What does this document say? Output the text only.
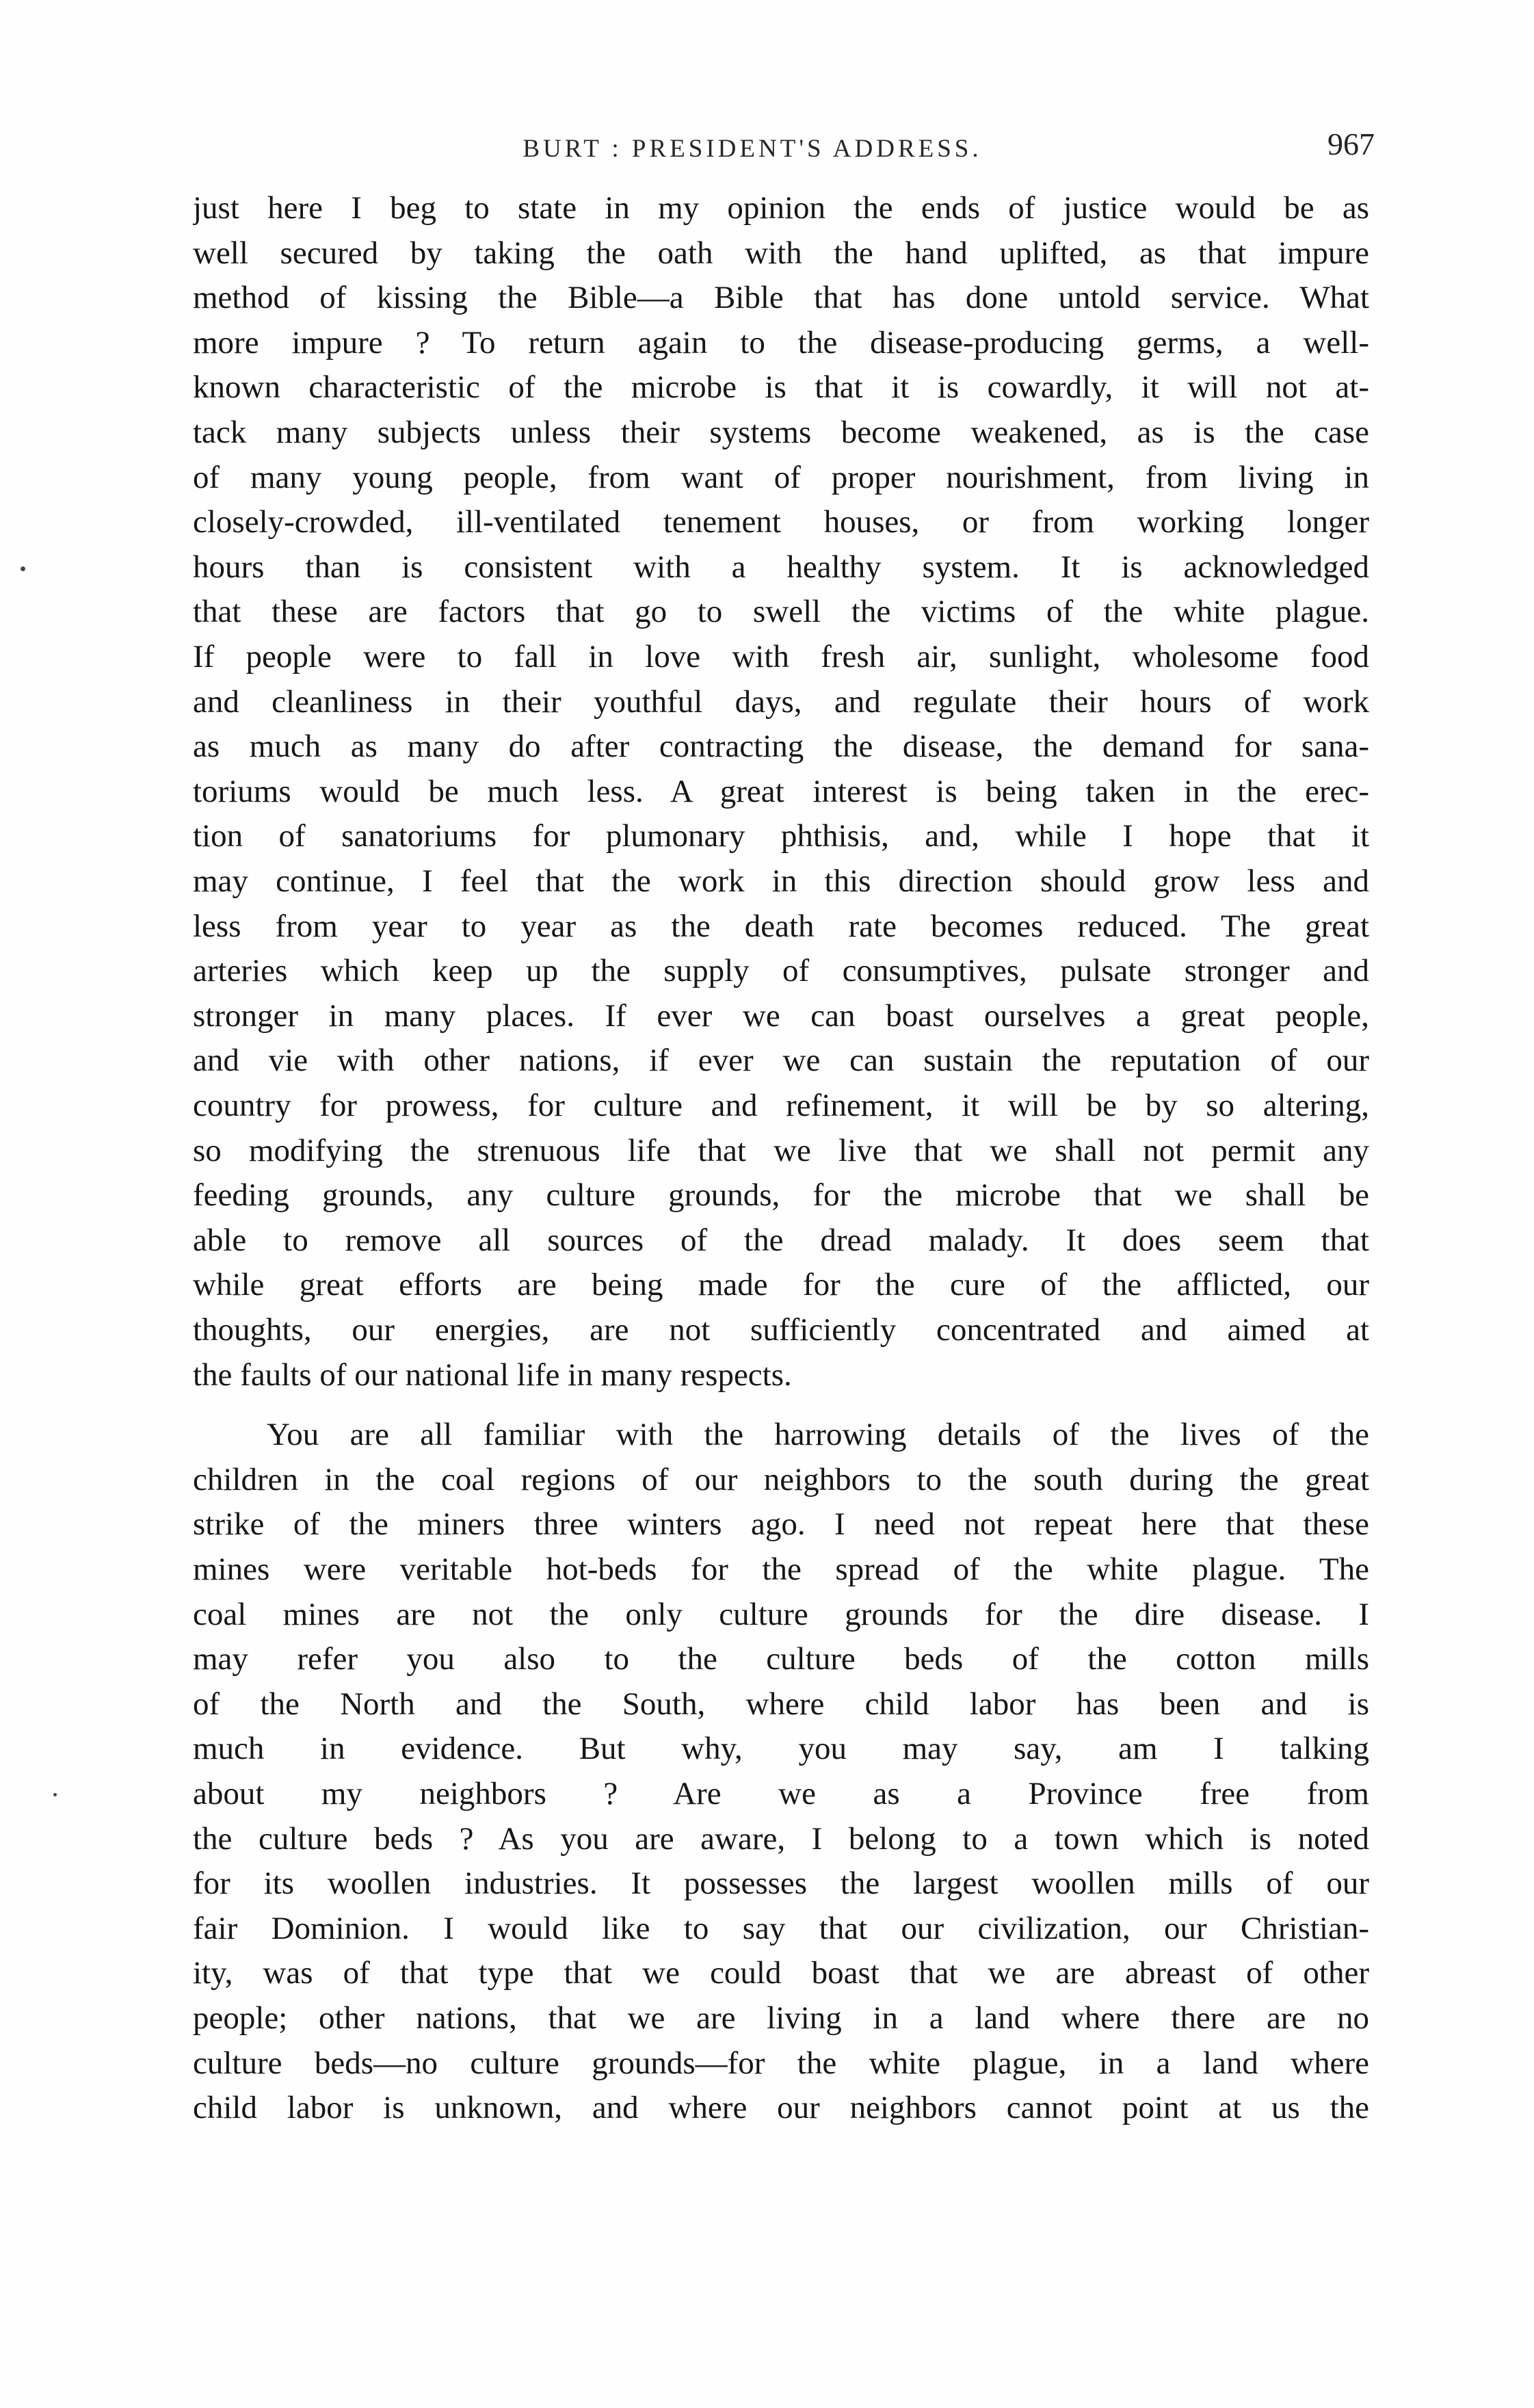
BURT : PRESIDENT'S ADDRESS.	967
just here I beg to state in my opinion the ends of justice would be as
well secured by taking the oath with the hand uplifted, as that impure
method of kissing the Bible—a Bible that has done untold service. What
more impure ? To return again to the disease-producing germs, a well-
known characteristic of the microbe is that it is cowardly, it will not at-
tack many subjects unless their systems become weakened, as is the case
of many young people, from want of proper nourishment, from living in
closely-crowded, ill-ventilated tenement houses, or from working longer
hours than is consistent with a healthy system. It is acknowledged
that these are factors that go to swell the victims of the white plague.
If people were to fall in love with fresh air, sunlight, wholesome food
and cleanliness in their youthful days, and regulate their hours of work
as much as many do after contracting the disease, the demand for sana-
toriums would be much less. A great interest is being taken in the erec-
tion of sanatoriums for plumonary phthisis, and, while I hope that it
may continue, I feel that the work in this direction should grow less and
less from year to year as the death rate becomes reduced. The great
arteries which keep up the supply of consumptives, pulsate stronger and
stronger in many places. If ever we can boast ourselves a great people,
and vie with other nations, if ever we can sustain the reputation of our
country for prowess, for culture and refinement, it will be by so altering,
so modifying the strenuous life that we live that we shall not permit any
feeding grounds, any culture grounds, for the microbe that we shall be
able to remove all sources of the dread malady. It does seem that
while great efforts are being made for the cure of the afflicted, our
thoughts, our energies, are not sufficiently concentrated and aimed at
the faults of our national life in many respects.
You are all familiar with the harrowing details of the lives of the
children in the coal regions of our neighbors to the south during the great
strike of the miners three winters ago. I need not repeat here that these
mines were veritable hot-beds for the spread of the white plague. The
coal mines are not the only culture grounds for the dire disease. I
may refer you also to the culture beds of the cotton mills
of the North and the South, where child labor has been and is
much in evidence. But why, you may say, am I talking
about my neighbors ? Are we as a Province free from
the culture beds ? As you are aware, I belong to a town which is noted
for its woollen industries. It possesses the largest woollen mills of our
fair Dominion. I would like to say that our civilization, our Christian-
ity, was of that type that we could boast that we are abreast of other
people; other nations, that we are living in a land where there are no
culture beds—no culture grounds—for the white plague, in a land where
child labor is unknown, and where our neighbors cannot point at us the
